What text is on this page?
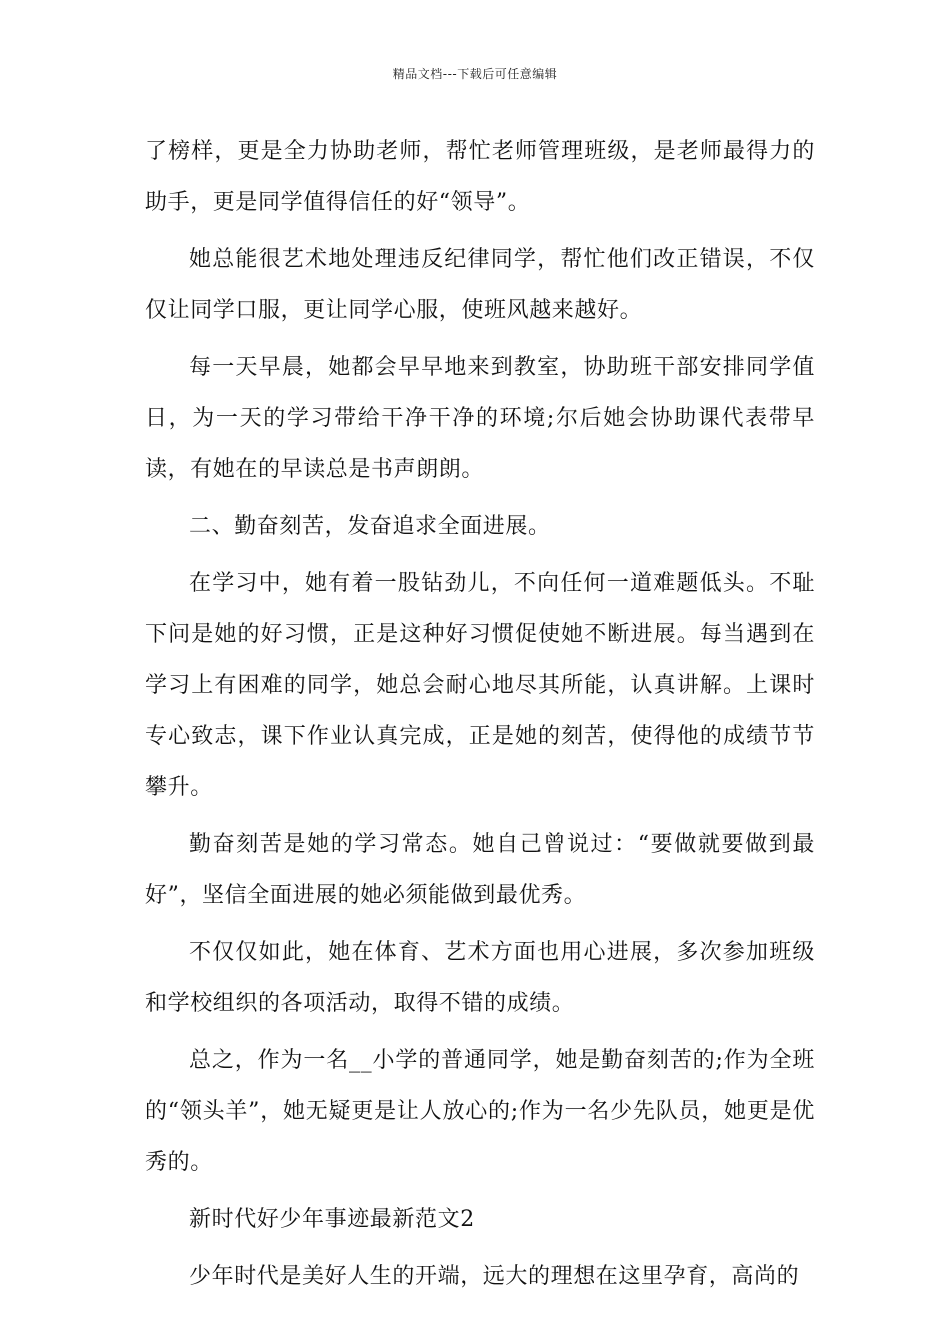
精品文档---下载后可任意编辑

了榜样，更是全力协助老师，帮忙老师管理班级，是老师最得力的助手，更是同学值得信任的好“领导”。

她总能很艺术地处理违反纪律同学，帮忙他们改正错误，不仅仅让同学口服，更让同学心服，使班风越来越好。

每一天早晨，她都会早早地来到教室，协助班干部安排同学值日，为一天的学习带给干净干净的环境;尔后她会协助课代表带早读，有她在的早读总是书声朗朗。

二、勤奋刻苦，发奋追求全面进展。

在学习中，她有着一股钻劲儿，不向任何一道难题低头。不耻下问是她的好习惯，正是这种好习惯促使她不断进展。每当遇到在学习上有困难的同学，她总会耐心地尽其所能，认真讲解。上课时专心致志，课下作业认真完成，正是她的刻苦，使得他的成绩节节攀升。

勤奋刻苦是她的学习常态。她自己曾说过：“要做就要做到最好”，坚信全面进展的她必须能做到最优秀。

不仅仅如此，她在体育、艺术方面也用心进展，多次参加班级和学校组织的各项活动，取得不错的成绩。

总之，作为一名__小学的普通同学，她是勤奋刻苦的;作为全班的“领头羊”，她无疑更是让人放心的;作为一名少先队员，她更是优秀的。

新时代好少年事迹最新范文2

少年时代是美好人生的开端，远大的理想在这里孕育，高尚的
